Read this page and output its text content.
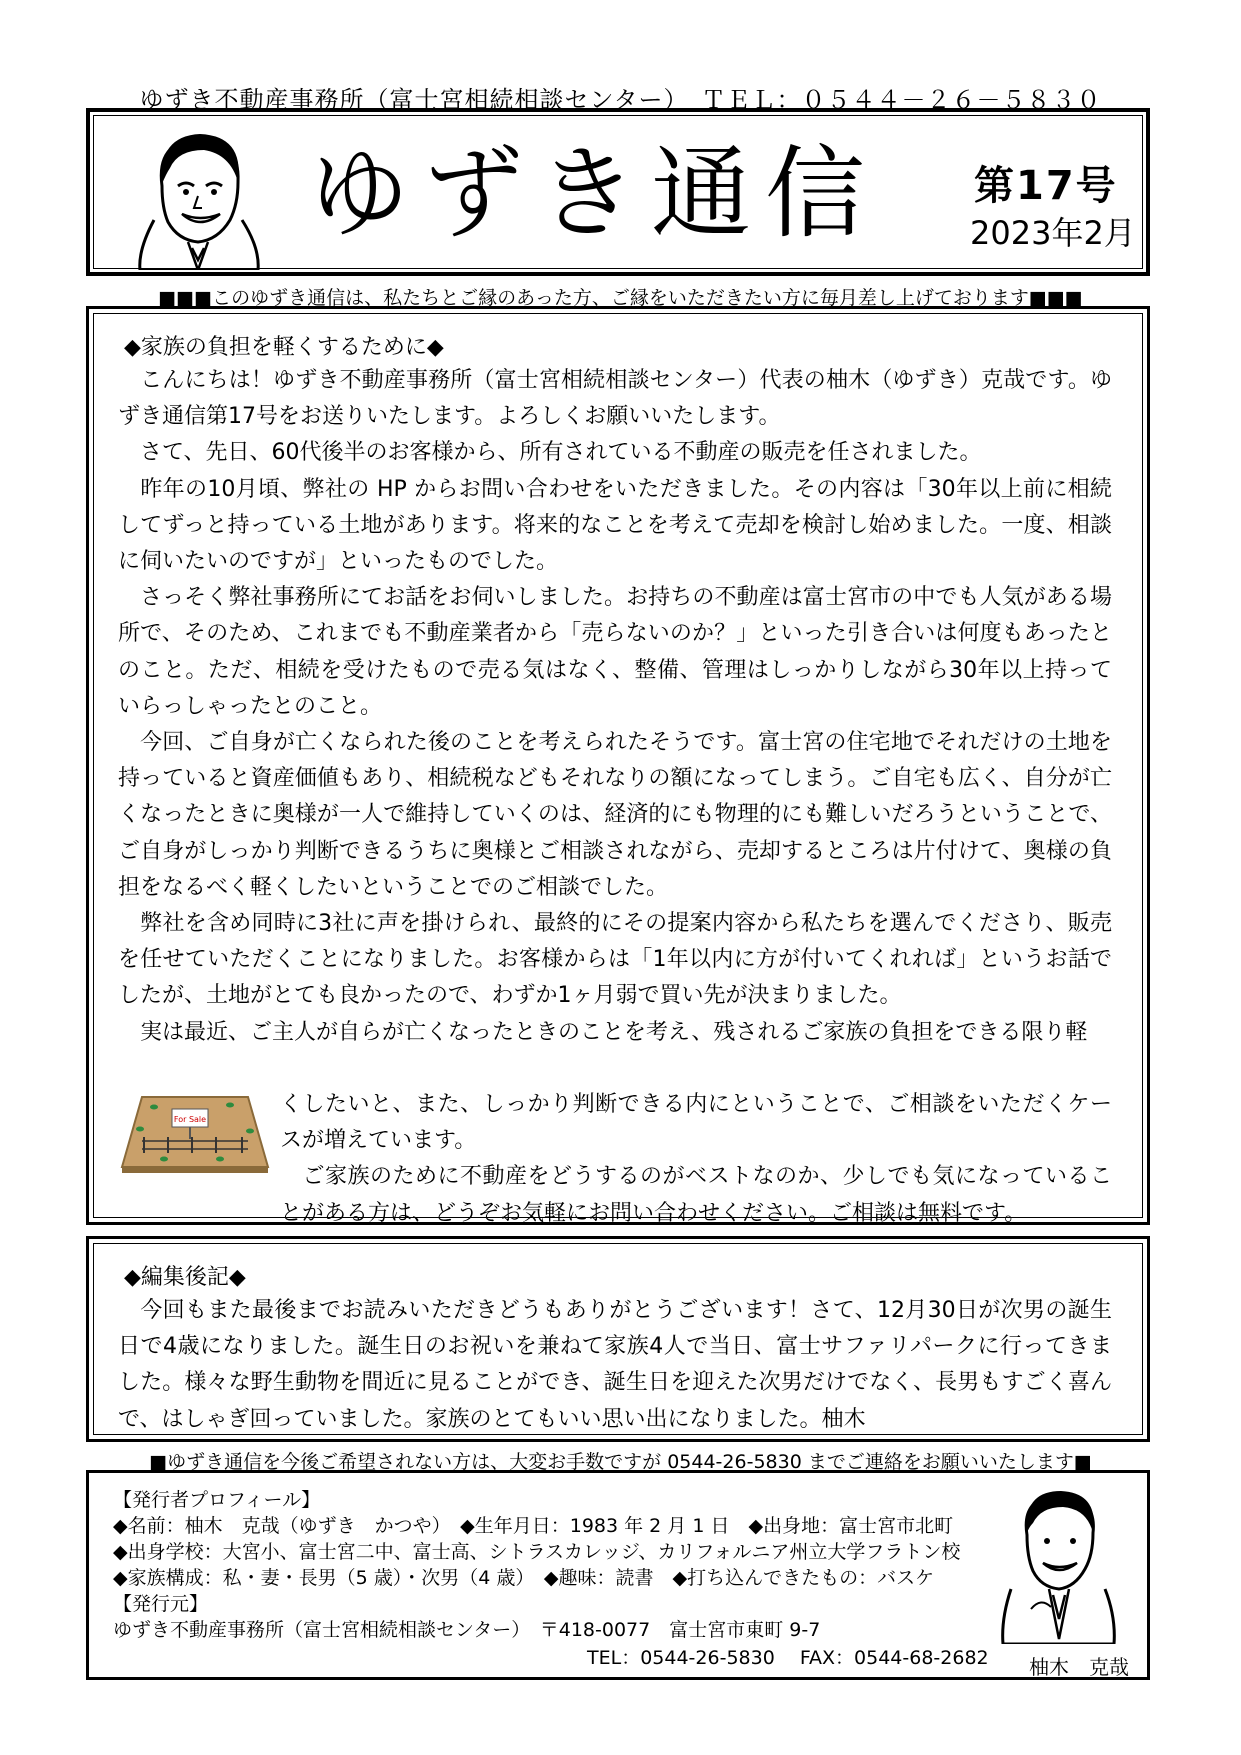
ゆずき不動産事務所（富士宮相続相談センター）　ＴＥＬ：０５４４－２６－５８３０
ゆずき通信 第17号
2023年2月
■■■このゆずき通信は、私たちとご縁のあった方、ご縁をいただきたい方に毎月差し上げております■■■
◆家族の負担を軽くするために◆
　こんにちは！ゆずき不動産事務所（富士宮相続相談センター）代表の柚木（ゆずき）克哉です。ゆずき通信第17号をお送りいたします。よろしくお願いいたします。
　さて、先日、60代後半のお客様から、所有されている不動産の販売を任されました。
　昨年の10月頃、弊社の HP からお問い合わせをいただきました。その内容は「30年以上前に相続してずっと持っている土地があります。将来的なことを考えて売却を検討し始めました。一度、相談に伺いたいのですが」といったものでした。
　さっそく弊社事務所にてお話をお伺いしました。お持ちの不動産は富士宮市の中でも人気がある場所で、そのため、これまでも不動産業者から「売らないのか？」といった引き合いは何度もあったとのこと。ただ、相続を受けたもので売る気はなく、整備、管理はしっかりしながら30年以上持っていらっしゃったとのこと。
　今回、ご自身が亡くなられた後のことを考えられたそうです。富士宮の住宅地でそれだけの土地を持っていると資産価値もあり、相続税などもそれなりの額になってしまう。ご自宅も広く、自分が亡くなったときに奥様が一人で維持していくのは、経済的にも物理的にも難しいだろうということで、ご自身がしっかり判断できるうちに奥様とご相談されながら、売却するところは片付けて、奥様の負担をなるべく軽くしたいということでのご相談でした。
　弊社を含め同時に3社に声を掛けられ、最終的にその提案内容から私たちを選んでくださり、販売を任せていただくことになりました。お客様からは「1年以内に方が付いてくれれば」というお話でしたが、土地がとても良かったので、わずか1ヶ月弱で買い先が決まりました。
　実は最近、ご主人が自らが亡くなったときのことを考え、残されるご家族の負担をできる限り軽
For Sale
くしたいと、また、しっかり判断できる内にということで、ご相談をいただくケースが増えています。
　ご家族のために不動産をどうするのがベストなのか、少しでも気になっていることがある方は、どうぞお気軽にお問い合わせください。ご相談は無料です。
◆編集後記◆
　今回もまた最後までお読みいただきどうもありがとうございます！さて、12月30日が次男の誕生日で4歳になりました。誕生日のお祝いを兼ねて家族4人で当日、富士サファリパークに行ってきました。様々な野生動物を間近に見ることができ、誕生日を迎えた次男だけでなく、長男もすごく喜んで、はしゃぎ回っていました。家族のとてもいい思い出になりました。柚木
■ゆずき通信を今後ご希望されない方は、大変お手数ですが 0544-26-5830 までご連絡をお願いいたします■
【発行者プロフィール】
◆名前：柚木　克哉（ゆずき　かつや）　◆生年月日：1983 年 2 月 1 日　◆出身地：富士宮市北町
◆出身学校：大宮小、富士宮二中、富士高、シトラスカレッジ、カリフォルニア州立大学フラトン校
◆家族構成：私・妻・長男（5 歳）・次男（4 歳）　◆趣味：読書　◆打ち込んできたもの：バスケ
【発行元】
ゆずき不動産事務所（富士宮相続相談センター）　〒418-0077　富士宮市東町 9-7
TEL：0544-26-5830　 FAX：0544-68-2682 柚木　克哉
